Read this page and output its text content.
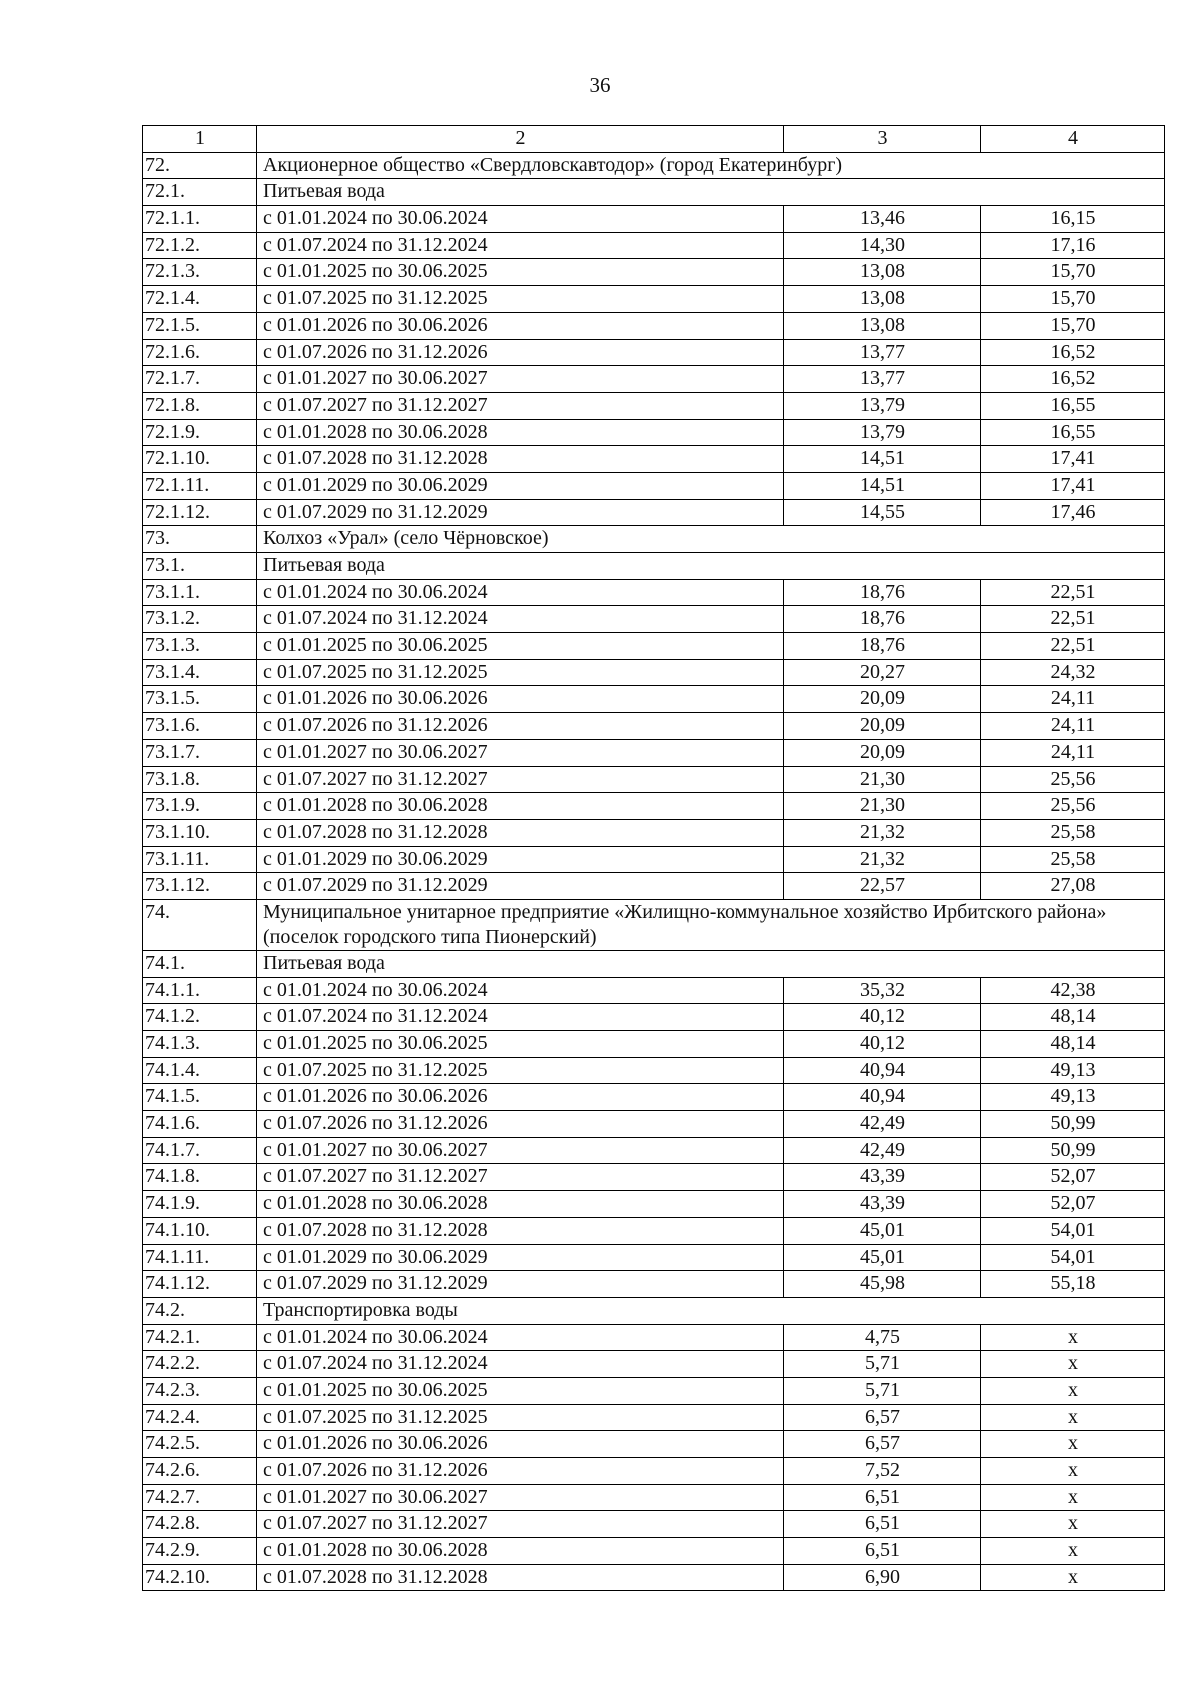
36
1	2	3	4
72.	Акционерное общество «Свердловскавтодор» (город Екатеринбург)		
72.1.	Питьевая вода		
72.1.1.	с 01.01.2024 по 30.06.2024	13,46	16,15
72.1.2.	с 01.07.2024 по 31.12.2024	14,30	17,16
72.1.3.	с 01.01.2025 по 30.06.2025	13,08	15,70
72.1.4.	с 01.07.2025 по 31.12.2025	13,08	15,70
72.1.5.	с 01.01.2026 по 30.06.2026	13,08	15,70
72.1.6.	с 01.07.2026 по 31.12.2026	13,77	16,52
72.1.7.	с 01.01.2027 по 30.06.2027	13,77	16,52
72.1.8.	с 01.07.2027 по 31.12.2027	13,79	16,55
72.1.9.	с 01.01.2028 по 30.06.2028	13,79	16,55
72.1.10.	с 01.07.2028 по 31.12.2028	14,51	17,41
72.1.11.	с 01.01.2029 по 30.06.2029	14,51	17,41
72.1.12.	с 01.07.2029 по 31.12.2029	14,55	17,46
73.	Колхоз «Урал» (село Чёрновское)		
73.1.	Питьевая вода		
73.1.1.	с 01.01.2024 по 30.06.2024	18,76	22,51
73.1.2.	с 01.07.2024 по 31.12.2024	18,76	22,51
73.1.3.	с 01.01.2025 по 30.06.2025	18,76	22,51
73.1.4.	с 01.07.2025 по 31.12.2025	20,27	24,32
73.1.5.	с 01.01.2026 по 30.06.2026	20,09	24,11
73.1.6.	с 01.07.2026 по 31.12.2026	20,09	24,11
73.1.7.	с 01.01.2027 по 30.06.2027	20,09	24,11
73.1.8.	с 01.07.2027 по 31.12.2027	21,30	25,56
73.1.9.	с 01.01.2028 по 30.06.2028	21,30	25,56
73.1.10.	с 01.07.2028 по 31.12.2028	21,32	25,58
73.1.11.	с 01.01.2029 по 30.06.2029	21,32	25,58
73.1.12.	с 01.07.2029 по 31.12.2029	22,57	27,08
74.	Муниципальное унитарное предприятие «Жилищно-коммунальное хозяйство Ирбитского района» (поселок городского типа Пионерский)		
74.1.	Питьевая вода		
74.1.1.	с 01.01.2024 по 30.06.2024	35,32	42,38
74.1.2.	с 01.07.2024 по 31.12.2024	40,12	48,14
74.1.3.	с 01.01.2025 по 30.06.2025	40,12	48,14
74.1.4.	с 01.07.2025 по 31.12.2025	40,94	49,13
74.1.5.	с 01.01.2026 по 30.06.2026	40,94	49,13
74.1.6.	с 01.07.2026 по 31.12.2026	42,49	50,99
74.1.7.	с 01.01.2027 по 30.06.2027	42,49	50,99
74.1.8.	с 01.07.2027 по 31.12.2027	43,39	52,07
74.1.9.	с 01.01.2028 по 30.06.2028	43,39	52,07
74.1.10.	с 01.07.2028 по 31.12.2028	45,01	54,01
74.1.11.	с 01.01.2029 по 30.06.2029	45,01	54,01
74.1.12.	с 01.07.2029 по 31.12.2029	45,98	55,18
74.2.	Транспортировка воды		
74.2.1.	с 01.01.2024 по 30.06.2024	4,75	х
74.2.2.	с 01.07.2024 по 31.12.2024	5,71	х
74.2.3.	с 01.01.2025 по 30.06.2025	5,71	х
74.2.4.	с 01.07.2025 по 31.12.2025	6,57	х
74.2.5.	с 01.01.2026 по 30.06.2026	6,57	х
74.2.6.	с 01.07.2026 по 31.12.2026	7,52	х
74.2.7.	с 01.01.2027 по 30.06.2027	6,51	х
74.2.8.	с 01.07.2027 по 31.12.2027	6,51	х
74.2.9.	с 01.01.2028 по 30.06.2028	6,51	х
74.2.10.	с 01.07.2028 по 31.12.2028	6,90	х
